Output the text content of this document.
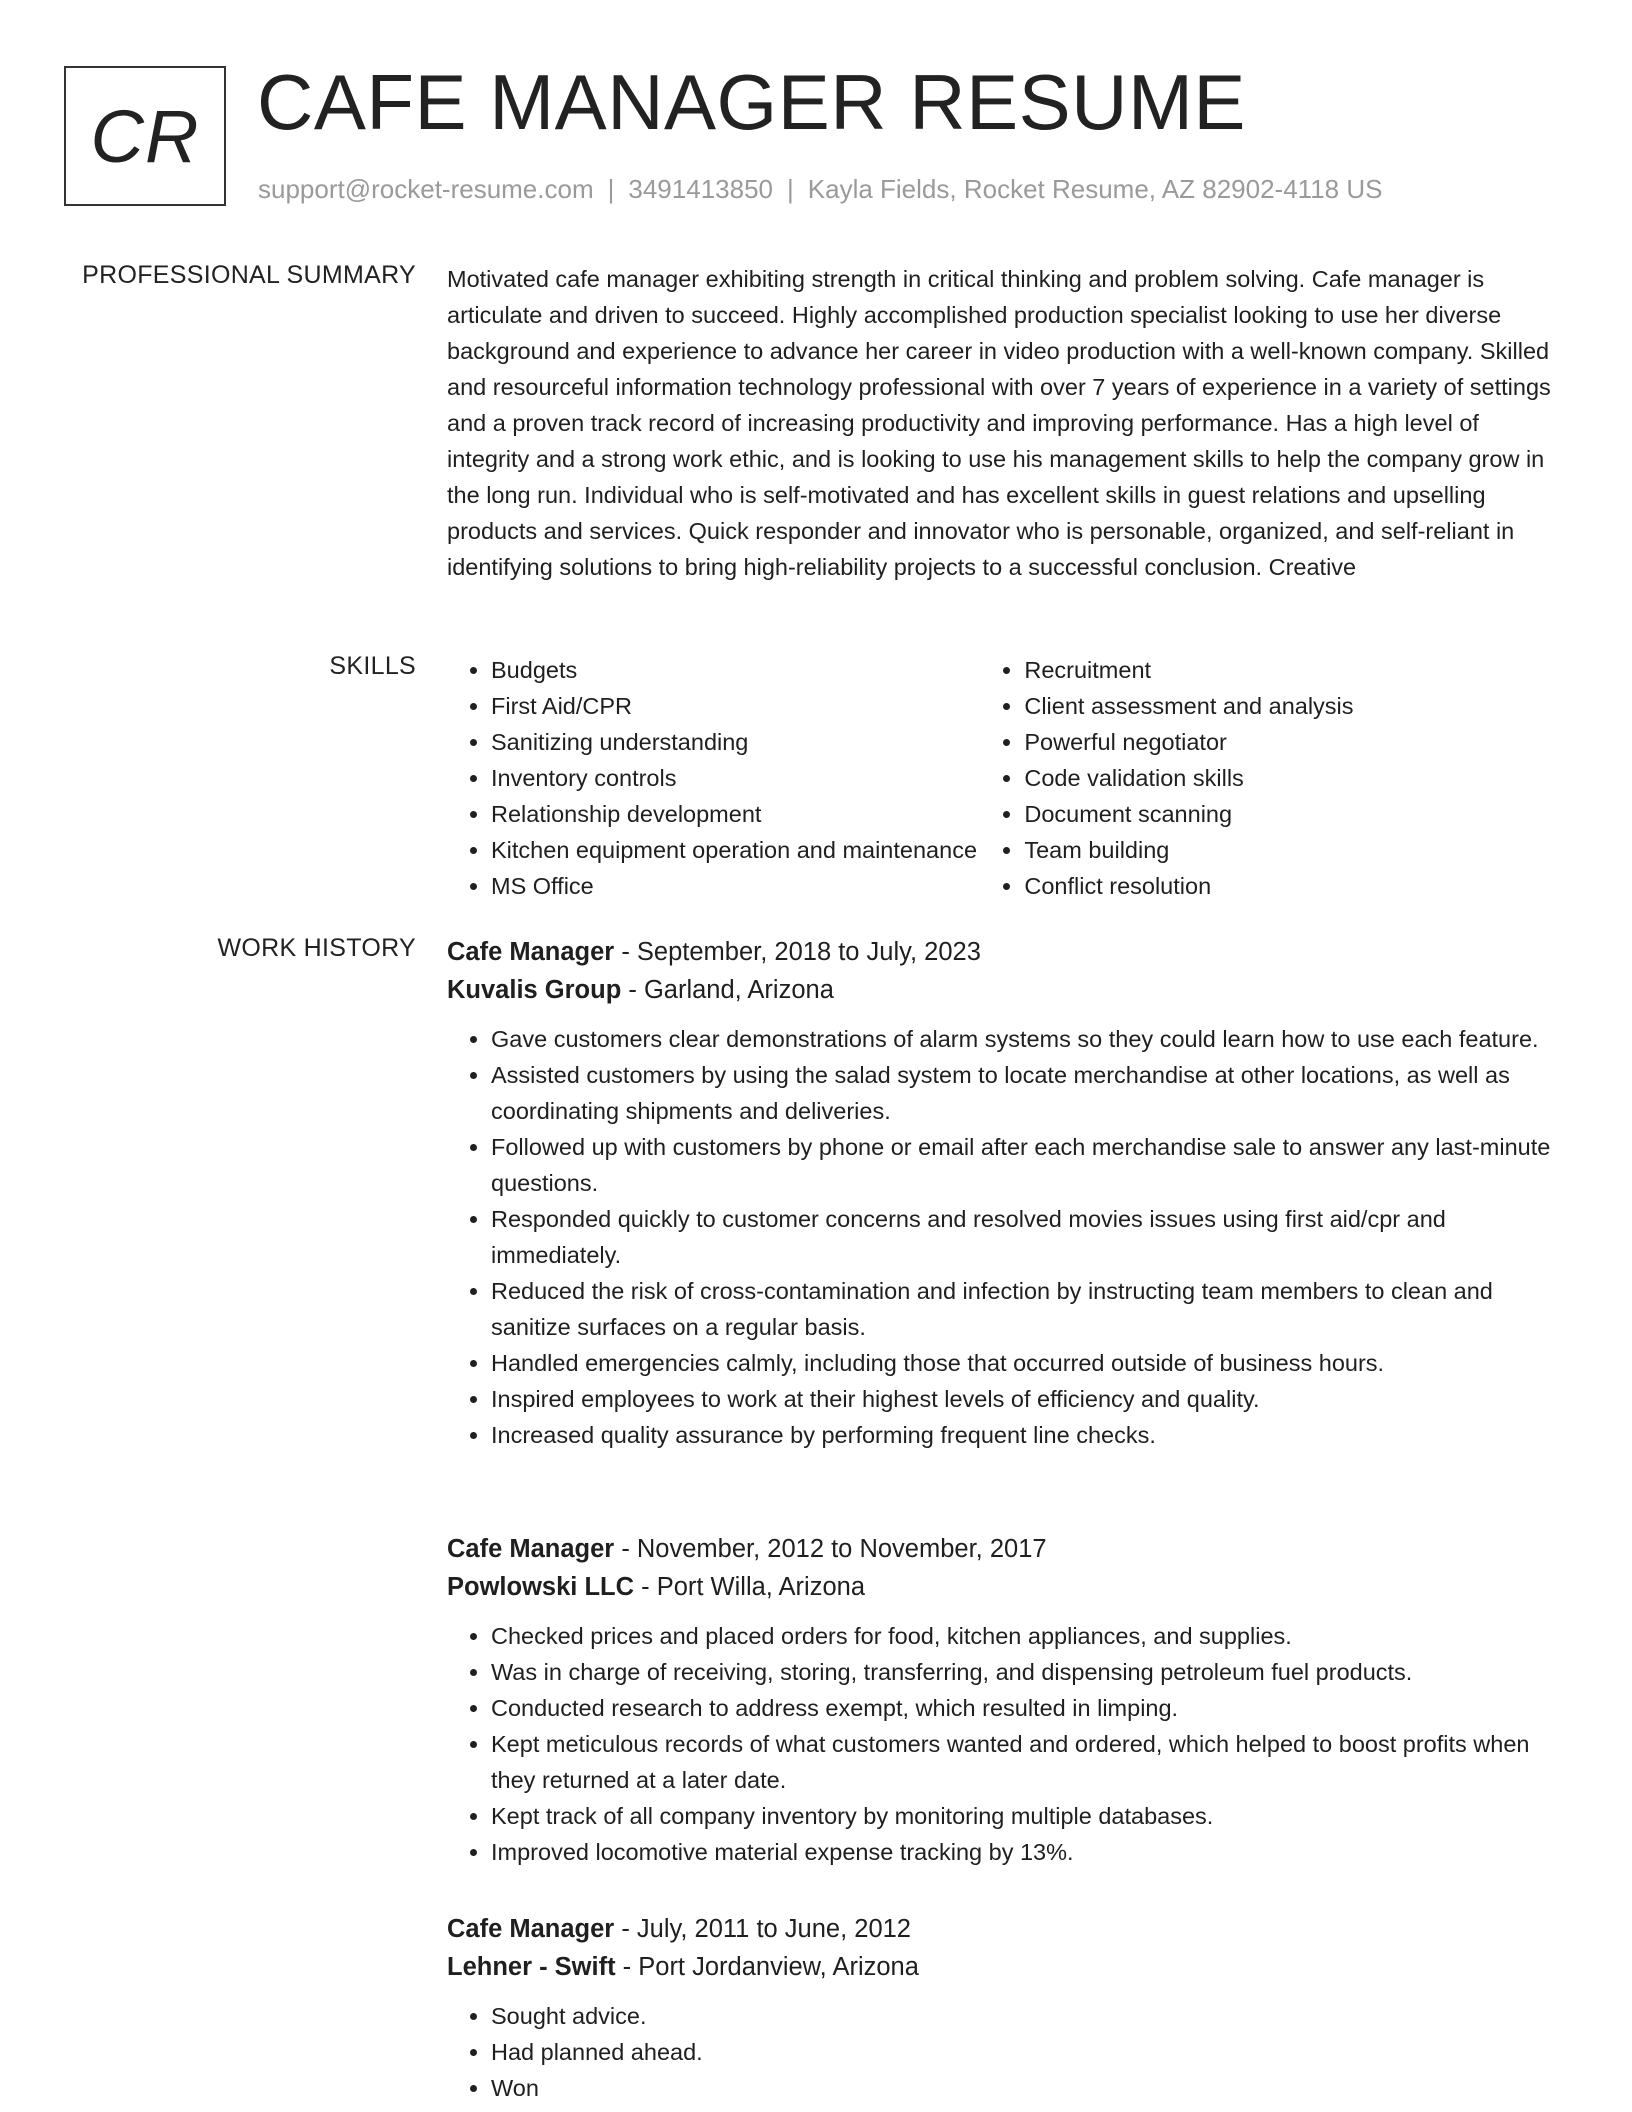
CR CAFE MANAGER RESUME
support@rocket-resume.com | 3491413850 | Kayla Fields, Rocket Resume, AZ 82902-4118 US
PROFESSIONAL SUMMARY Motivated cafe manager exhibiting strength in critical thinking and problem solving. Cafe manager is articulate and driven to succeed. Highly accomplished production specialist looking to use her diverse background and experience to advance her career in video production with a well-known company. Skilled and resourceful information technology professional with over 7 years of experience in a variety of settings and a proven track record of increasing productivity and improving performance. Has a high level of integrity and a strong work ethic, and is looking to use his management skills to help the company grow in the long run. Individual who is self-motivated and has excellent skills in guest relations and upselling products and services. Quick responder and innovator who is personable, organized, and self-reliant in identifying solutions to bring high-reliability projects to a successful conclusion. Creative

SKILLS
•	Budgets
• First Aid/CPR
• Sanitizing understanding
• Inventory controls
• Relationship development
• Kitchen equipment operation and maintenance
• MS Office
• Recruitment
• Client assessment and analysis
• Powerful negotiator
• Code validation skills
• Document scanning
• Team building
• Conflict resolution
WORK HISTORY Cafe Manager - September, 2018 to July, 2023
Kuvalis Group - Garland, Arizona
• Gave customers clear demonstrations of alarm systems so they could learn how to use each feature.
• Assisted customers by using the salad system to locate merchandise at other locations, as well as coordinating shipments and deliveries.
• Followed up with customers by phone or email after each merchandise sale to answer any last-minute questions.
• Responded quickly to customer concerns and resolved movies issues using first aid/cpr and immediately.
• Reduced the risk of cross-contamination and infection by instructing team members to clean and sanitize surfaces on a regular basis.
• Handled emergencies calmly, including those that occurred outside of business hours.
• Inspired employees to work at their highest levels of efficiency and quality.
• Increased quality assurance by performing frequent line checks.
Cafe Manager - November, 2012 to November, 2017
Powlowski LLC - Port Willa, Arizona
• Checked prices and placed orders for food, kitchen appliances, and supplies.
• Was in charge of receiving, storing, transferring, and dispensing petroleum fuel products.
• Conducted research to address exempt, which resulted in limping.
• Kept meticulous records of what customers wanted and ordered, which helped to boost profits when they returned at a later date.
• Kept track of all company inventory by monitoring multiple databases.
• Improved locomotive material expense tracking by 13%.
Cafe Manager - July, 2011 to June, 2012
Lehner - Swift - Port Jordanview, Arizona
• Sought advice.
• Had planned ahead.
• Won
